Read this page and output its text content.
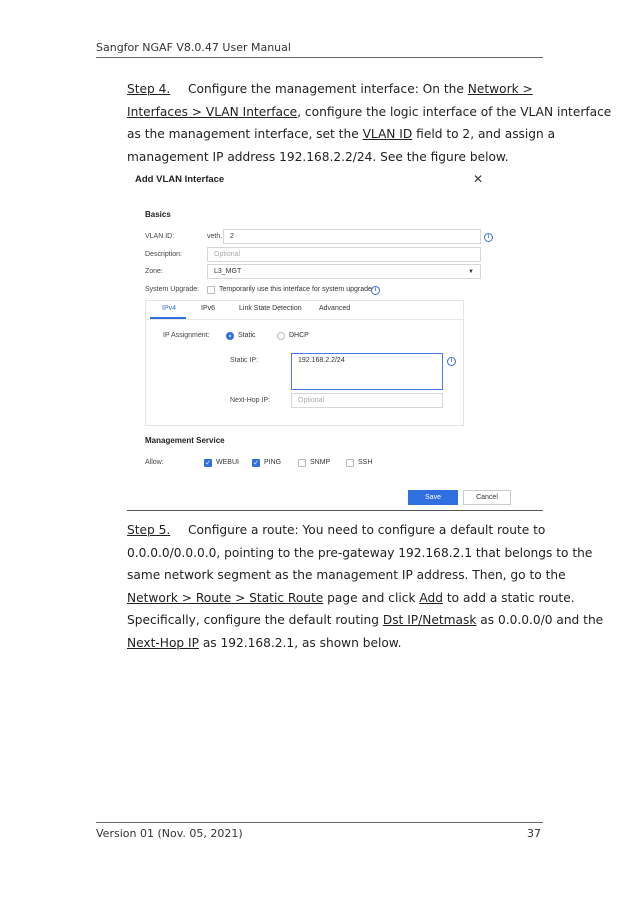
Sangfor NGAF V8.0.47 User Manual
Step 4. Configure the management interface: On the Network >
Interfaces > VLAN Interface, configure the logic interface of the VLAN interface
as the management interface, set the VLAN ID field to 2, and assign a
management IP address 192.168.2.2/24. See the figure below.
Add VLAN Interface	✕
Basics
VLAN ID:	veth.	2	i
Description:	Optional
Zone:	L3_MGT	▼
System Upgrade:	Temporarily use this interface for system upgrade i
IPv4	IPv6	Link State Detection Advanced
IP Assignment:	Static	DHCP
Static IP:	192.168.2.2/24	i
Next-Hop IP:	Optional
Management Service
Allow:	✓ WEBUI ✓ PING	SNMP	SSH
Save	Cancel
Step 5. Configure a route: You need to configure a default route to
0.0.0.0/0.0.0.0, pointing to the pre-gateway 192.168.2.1 that belongs to the
same network segment as the management IP address. Then, go to the
Network > Route > Static Route page and click Add to add a static route.
Specifically, configure the default routing Dst IP/Netmask as 0.0.0.0/0 and the
Next-Hop IP as 192.168.2.1, as shown below.
Version 01 (Nov. 05, 2021)	37
